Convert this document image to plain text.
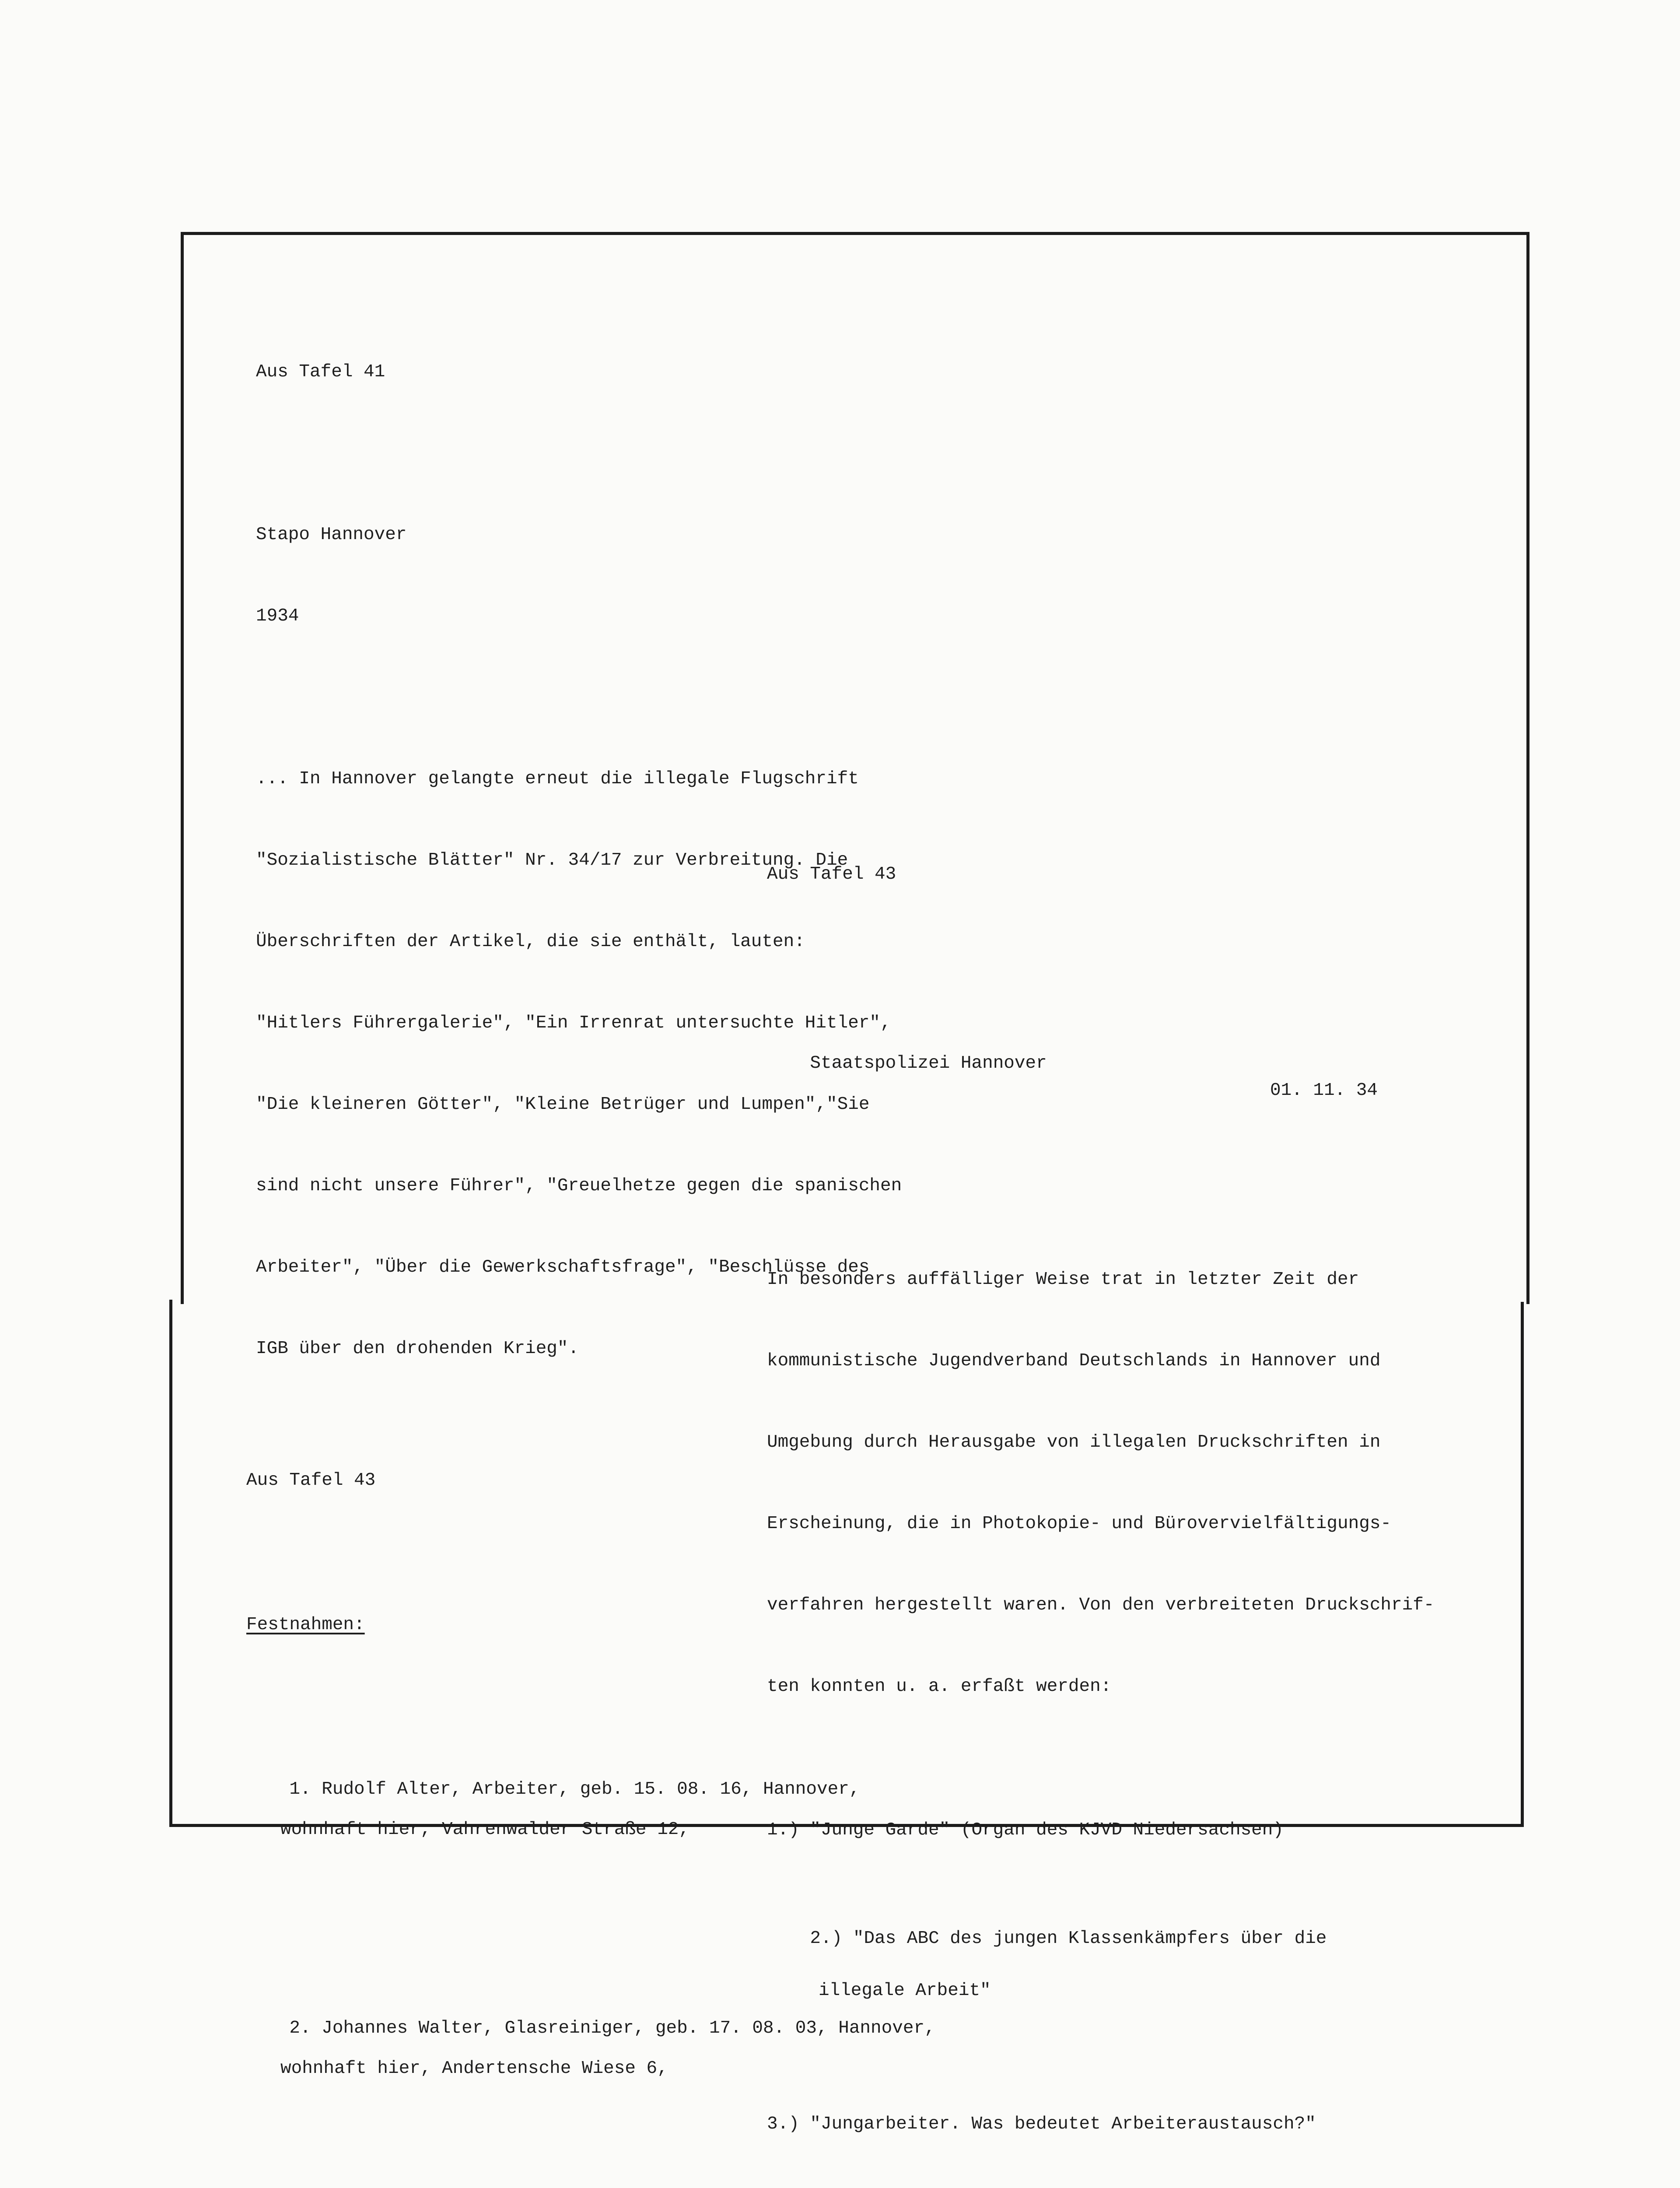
Aus Tafel 41

Stapo Hannover

1934

... In Hannover gelangte erneut die illegale Flugschrift

"Sozialistische Blätter" Nr. 34/17 zur Verbreitung. Die

Überschriften der Artikel, die sie enthält, lauten:

"Hitlers Führergalerie", "Ein Irrenrat untersuchte Hitler",

"Die kleineren Götter", "Kleine Betrüger und Lumpen","Sie

sind nicht unsere Führer", "Greuelhetze gegen die spanischen

Arbeiter", "Über die Gewerkschaftsfrage", "Beschlüsse des

IGB über den drohenden Krieg".

Aus Tafel 43

Staatspolizei Hannover

01. 11. 34

In besonders auffälliger Weise trat in letzter Zeit der

kommunistische Jugendverband Deutschlands in Hannover und

Umgebung durch Herausgabe von illegalen Druckschriften in

Erscheinung, die in Photokopie- und Bürovervielfältigungs-

verfahren hergestellt waren. Von den verbreiteten Druckschrif-

ten konnten u. a. erfaßt werden:

1.) "Junge Garde" (Organ des KJVD Niedersachsen)

2.) "Das ABC des jungen Klassenkämpfers über die

illegale Arbeit"

3.) "Jungarbeiter. Was bedeutet Arbeiteraustausch?"

Aus Tafel 43

Festnahmen:

1. Rudolf Alter, Arbeiter, geb. 15. 08. 16, Hannover,

wohnhaft hier, Vahrenwalder Straße 12,

2. Johannes Walter, Glasreiniger, geb. 17. 08. 03, Hannover,

wohnhaft hier, Andertensche Wiese 6,
